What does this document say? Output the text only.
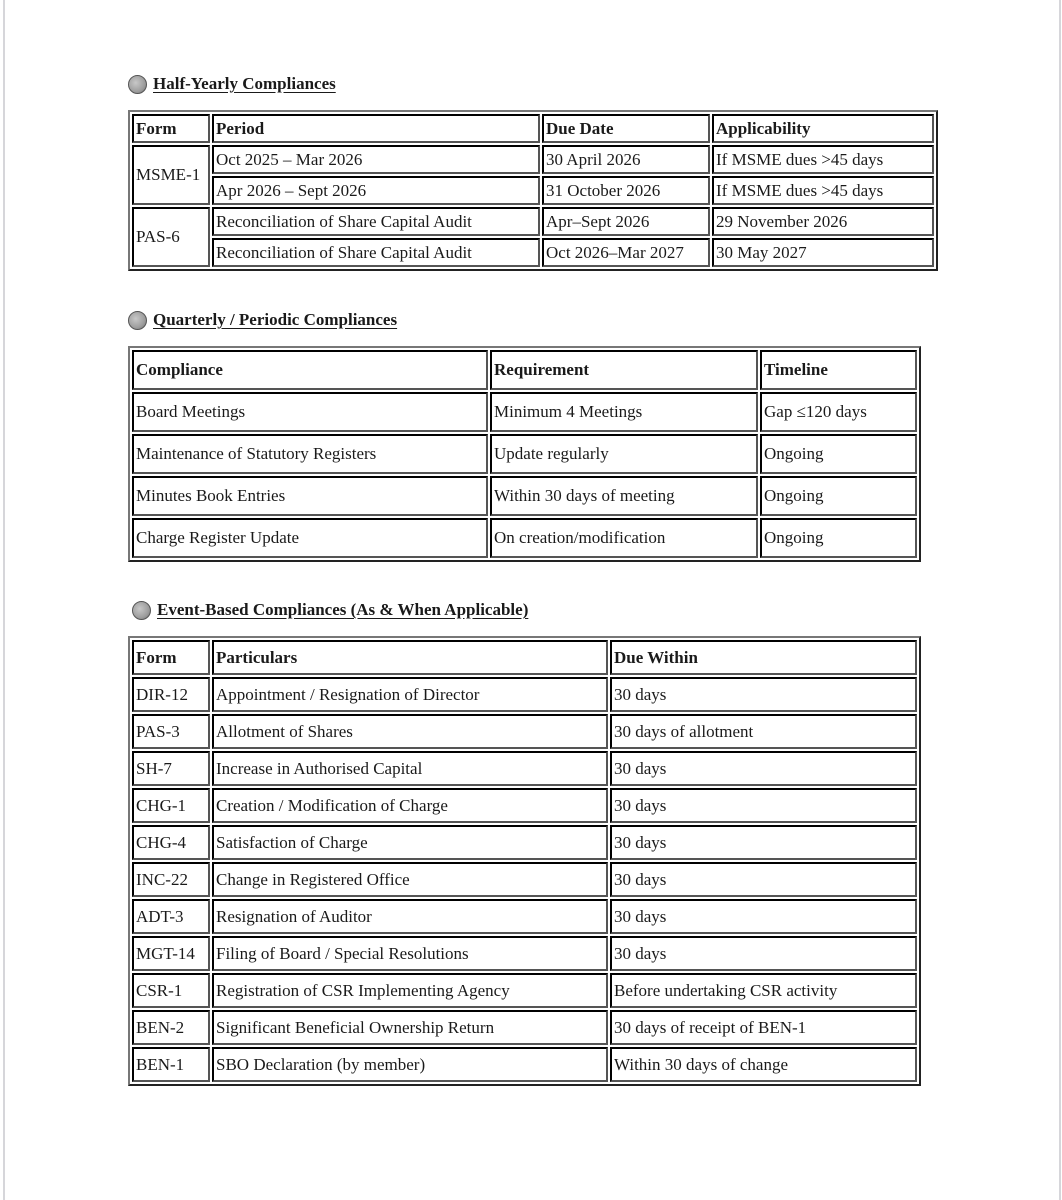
Half-Yearly Compliances
Form	Period	Due Date	Applicability
MSME-1	Oct 2025 – Mar 2026	30 April 2026	If MSME dues >45 days
	Apr 2026 – Sept 2026	31 October 2026	If MSME dues >45 days
PAS-6	Reconciliation of Share Capital Audit	Apr–Sept 2026	29 November 2026
	Reconciliation of Share Capital Audit	Oct 2026–Mar 2027	30 May 2027
Quarterly / Periodic Compliances
Compliance	Requirement	Timeline
Board Meetings	Minimum 4 Meetings	Gap ≤120 days
Maintenance of Statutory Registers	Update regularly	Ongoing
Minutes Book Entries	Within 30 days of meeting	Ongoing
Charge Register Update	On creation/modification	Ongoing
Event-Based Compliances (As & When Applicable)
Form	Particulars	Due Within
DIR-12	Appointment / Resignation of Director	30 days
PAS-3	Allotment of Shares	30 days of allotment
SH-7	Increase in Authorised Capital	30 days
CHG-1	Creation / Modification of Charge	30 days
CHG-4	Satisfaction of Charge	30 days
INC-22	Change in Registered Office	30 days
ADT-3	Resignation of Auditor	30 days
MGT-14	Filing of Board / Special Resolutions	30 days
CSR-1	Registration of CSR Implementing Agency	Before undertaking CSR activity
BEN-2	Significant Beneficial Ownership Return	30 days of receipt of BEN-1
BEN-1	SBO Declaration (by member)	Within 30 days of change
